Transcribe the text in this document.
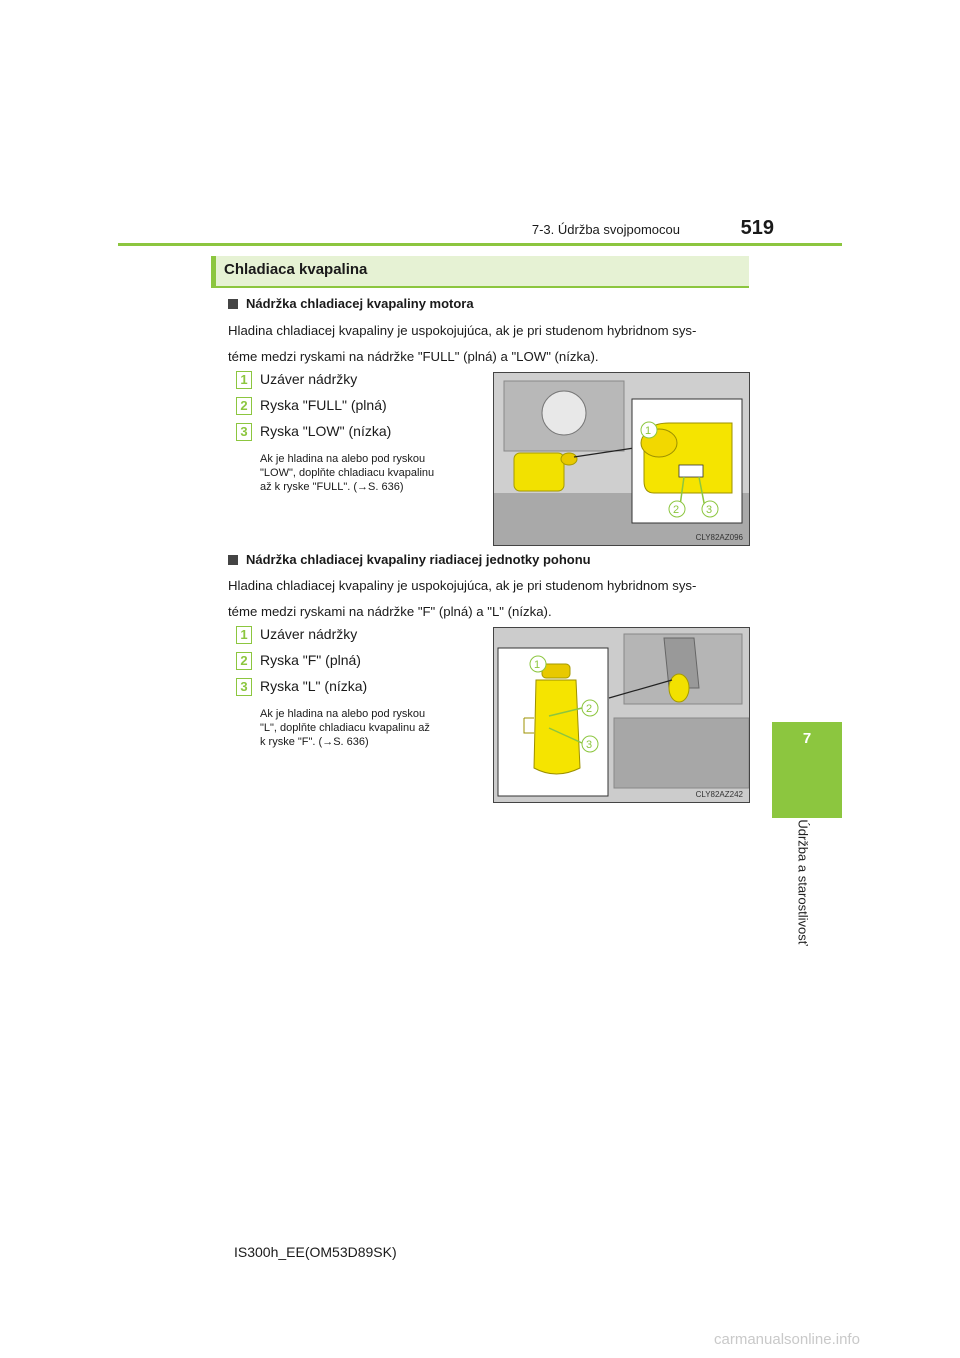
7-3. Údržba svojpomocou	519
7
Údržba a starostlivosť
Chladiaca kvapalina
Nádržka chladiacej kvapaliny motora
Hladina chladiacej kvapaliny je uspokojujúca, ak je pri studenom hybridnom sys-
téme medzi ryskami na nádržke "FULL" (plná) a "LOW" (nízka).
1 Uzáver nádržky
2 Ryska "FULL" (plná)
3 Ryska "LOW" (nízka)
Ak je hladina na alebo pod ryskou
"LOW", doplňte chladiacu kvapalinu
až k ryske "FULL". (→S. 636)
1
2 3
CLY82AZ096
Nádržka chladiacej kvapaliny riadiacej jednotky pohonu
Hladina chladiacej kvapaliny je uspokojujúca, ak je pri studenom hybridnom sys-
téme medzi ryskami na nádržke "F" (plná) a "L" (nízka).
1 Uzáver nádržky
2 Ryska "F" (plná)
3 Ryska "L" (nízka)
Ak je hladina na alebo pod ryskou
"L", doplňte chladiacu kvapalinu až
k ryske "F". (→S. 636)
1
2
3
CLY82AZ242
IS300h_EE(OM53D89SK)
carmanualsonline.info
